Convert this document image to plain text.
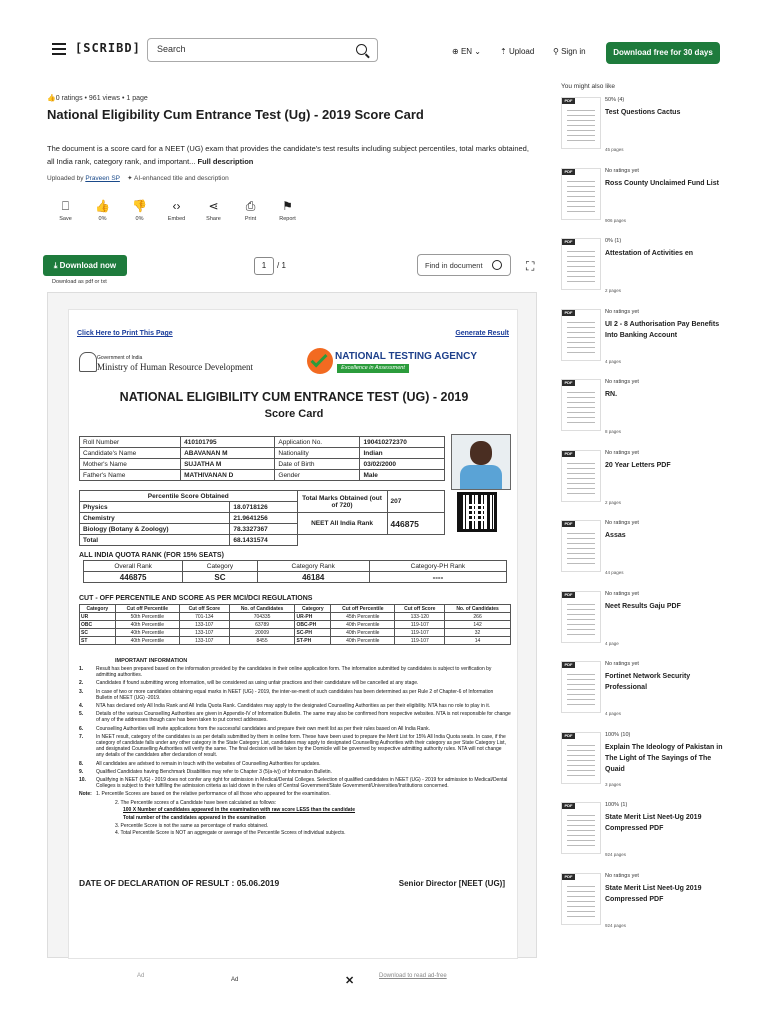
[SCRIBD] Search	⊕ EN ⌄ ⇡ Upload ⚲ Sign in	Download free for 30 days
👍0 ratings • 961 views • 1 page
National Eligibility Cum Entrance Test (Ug) - 2019 Score Card
The document is a score card for a NEET (UG) exam that provides the candidate's test results including subject percentiles, total marks obtained, all India rank, category rank, and important... Full description
Uploaded by Praveen SP ✦ AI-enhanced title and description
⎕
Save
👍
0%
👎
0%
‹›
Embed
⋖
Share
⎙
Print
⚑
Report
⤓ Download now
Download as pdf or txt
1	/ 1	Find in document	⛶
Click Here to Print This Page	Generate Result
Government of India
Ministry of Human Resource Development
NATIONAL TESTING AGENCY
Excellence in Assessment
NATIONAL ELIGIBILITY CUM ENTRANCE TEST (UG) - 2019
Score Card
Roll Number	410101795	Application No.	190410272370
Candidate's Name	ABAVANAN M	Nationality	Indian
Mother's Name	SUJATHA M	Date of Birth	03/02/2000
Father's Name	MATHIVANAN D	Gender	Male
Percentile Score Obtained		Total Marks Obtained (out of 720)	207
Physics	18.0718126		
Chemistry	21.9641256	NEET All India Rank	446875
Biology (Botany & Zoology)	78.3327367		
Total	68.1431574		
ALL INDIA QUOTA RANK (FOR 15% SEATS)
Overall Rank	Category	Category Rank	Category-PH Rank
446875	SC	46184	----
CUT - OFF PERCENTILE AND SCORE AS PER MCI/DCI REGULATIONS
Category	Cut off Percentile	Cut off Score	No. of Candidates	Category	Cut off Percentile	Cut off Score	No. of Candidates
UR	50th Percentile	701-134	704335	UR-PH	45th Percentile	133-120	266
OBC	40th Percentile	133-107	63789	OBC-PH	40th Percentile	119-107	142
SC	40th Percentile	133-107	20009	SC-PH	40th Percentile	119-107	32
ST	40th Percentile	133-107	8455	ST-PH	40th Percentile	119-107	14
IMPORTANT INFORMATION
1.	Result has been prepared based on the information provided by the candidates in their online application form. The information submitted by candidates is subject to verification by admitting authorities.
2.	Candidates if found submitting wrong information, will be considered as using unfair practices and their candidature will be cancelled at any stage.
3.	In case of two or more candidates obtaining equal marks in NEET (UG) - 2019, the inter-se-merit of such candidates has been determined as per Rule 2 of Chapter-6 of Information Bulletin of NEET (UG) -2019.
4.	NTA has declared only All India Rank and All India Quota Rank. Candidates may apply to the designated Counselling Authorities as per their eligibility. NTA has no role to play in it.
5.	Details of the various Counselling Authorities are given in Appendix-IV of Information Bulletin. The same may also be confirmed from respective websites. NTA is not responsible for change of any of the addresses though care has been taken to put correct addresses.
6.	Counselling Authorities will invite applications from the successful candidates and prepare their own merit list as per their rules based on All India Rank.
7.	In NEET result, category of the candidates is as per details submitted by them in online form. These have been used to prepare the Merit List for 15% All India Quota seats. In case, if the category of candidate falls under any other category in the State Category List, candidates may apply to designated Counselling Authorities with their category as per State Category List, and designated Counselling Authorities will verify the same. The final decision will be taken by the Domicile will be governed by respective admitting authority rules. NTA will not change any details of the candidates after declaration of result.
8.	All candidates are advised to remain in touch with the websites of Counselling Authorities for updates.
9.	Qualified Candidates having Benchmark Disabilities may refer to Chapter 3 (5(a-iv)) of Information Bulletin.
10.	Qualifying in NEET (UG) - 2019 does not confer any right for admission in Medical/Dental Colleges. Selection of qualified candidates in NEET (UG) - 2019 for admission to Medical/Dental Colleges is subject to their fulfilling the admission criteria as laid down in the rules of Central Government/State Government/Universities/Institutions concerned.
Note: 1. Percentile Scores are based on the relative performance of all those who appeared for the examination.
2. The Percentile scores of a Candidate have been calculated as follows:
100 X Number of candidates appeared in the examination with raw score LESS than the candidate
Total number of the candidates appeared in the examination
3. Percentile Score is not the same as percentage of marks obtained.
4. Total Percentile Score is NOT an aggregate or average of the Percentile Scores of individual subjects.
DATE OF DECLARATION OF RESULT : 05.06.2019	Senior Director [NEET (UG)]
Ad
Ad	✕	Download to read ad-free
You might also like
PDF	50% (4)
Test Questions Cactus
45 pages
PDF	No ratings yet
Ross County Unclaimed Fund List
906 pages
PDF	0% (1)
Attestation of Activities en
2 pages
PDF	No ratings yet
UI 2 - 8 Authorisation Pay Benefits Into Banking Account
4 pages
PDF	No ratings yet
RN.
8 pages
PDF	No ratings yet
20 Year Letters PDF
2 pages
PDF	No ratings yet
Assas
44 pages
PDF	No ratings yet
Neet Results Gaju PDF
4 page
PDF	No ratings yet
Fortinet Network Security Professional
4 pages
PDF	100% (10)
Explain The Ideology of Pakistan in The Light of The Sayings of The Quaid
3 pages
PDF	100% (1)
State Merit List Neet-Ug 2019 Compressed PDF
924 pages
PDF	No ratings yet
State Merit List Neet-Ug 2019 Compressed PDF
924 pages
